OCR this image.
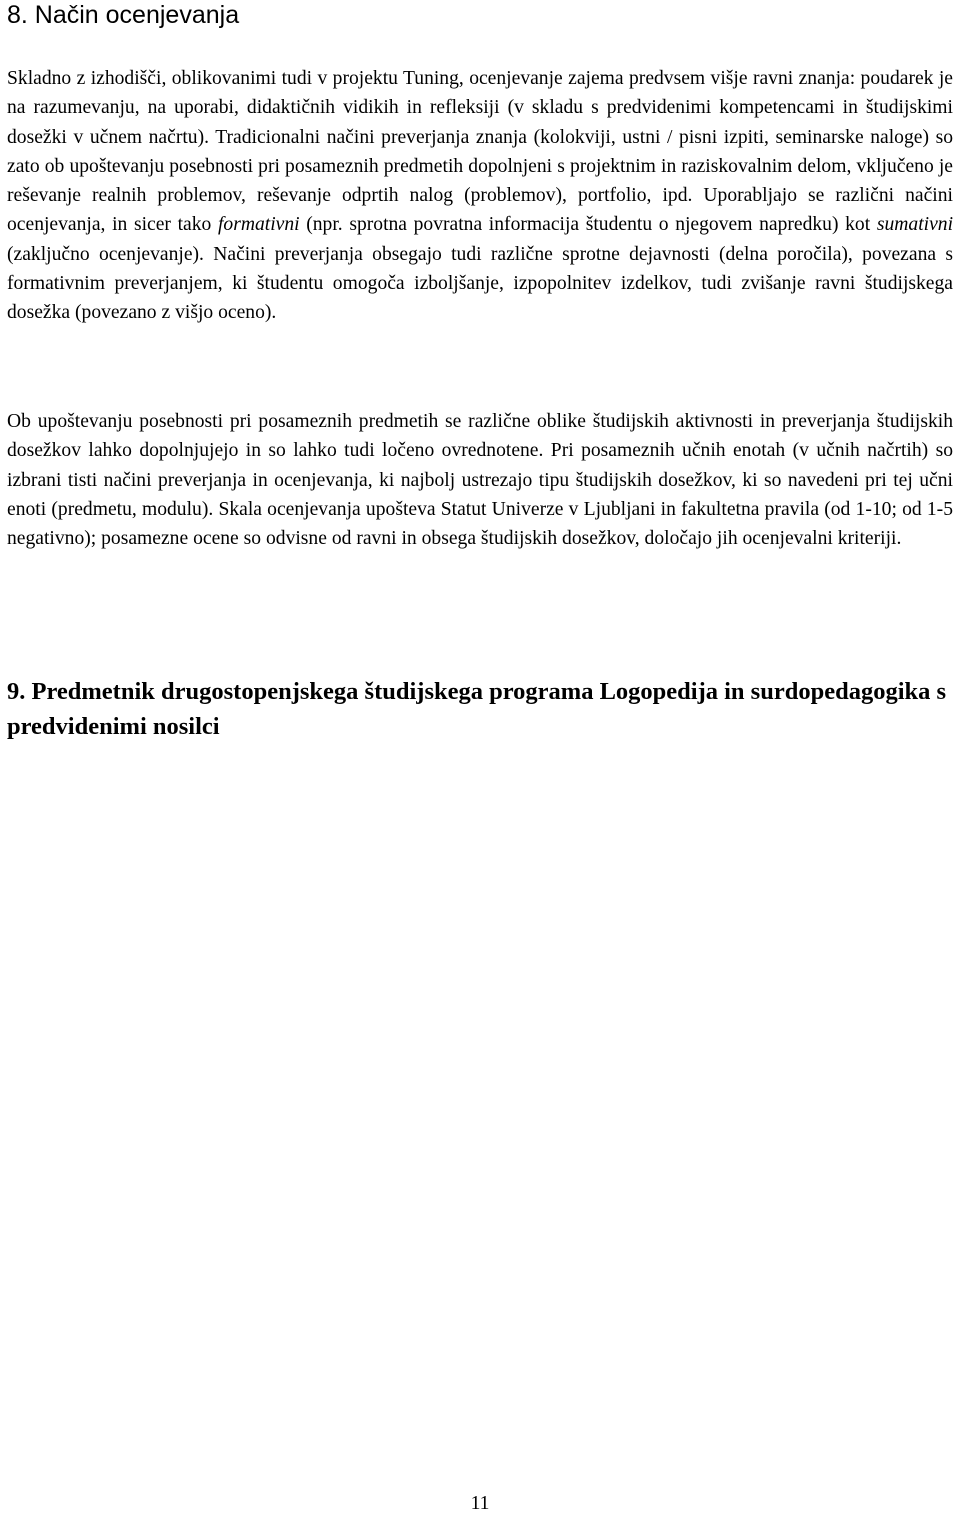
8. Način ocenjevanja

Skladno z izhodišči, oblikovanimi tudi v projektu Tuning, ocenjevanje zajema predvsem višje ravni znanja: poudarek je na razumevanju, na uporabi, didaktičnih vidikih in refleksiji (v skladu s predvidenimi kompetencami in študijskimi dosežki v učnem načrtu). Tradicionalni načini preverjanja znanja (kolokviji, ustni / pisni izpiti, seminarske naloge) so zato ob upoštevanju posebnosti pri posameznih predmetih dopolnjeni s projektnim in raziskovalnim delom, vključeno je reševanje realnih problemov, reševanje odprtih nalog (problemov), portfolio, ipd. Uporabljajo se različni načini ocenjevanja, in sicer tako formativni (npr. sprotna povratna informacija študentu o njegovem napredku) kot sumativni (zaključno ocenjevanje). Načini preverjanja obsegajo tudi različne sprotne dejavnosti (delna poročila), povezana s formativnim preverjanjem, ki študentu omogoča izboljšanje, izpopolnitev izdelkov, tudi zvišanje ravni študijskega dosežka (povezano z višjo oceno).

Ob upoštevanju posebnosti pri posameznih predmetih se različne oblike študijskih aktivnosti in preverjanja študijskih dosežkov lahko dopolnjujejo in so lahko tudi ločeno ovrednotene. Pri posameznih učnih enotah (v učnih načrtih) so izbrani tisti načini preverjanja in ocenjevanja, ki najbolj ustrezajo tipu študijskih dosežkov, ki so navedeni pri tej učni enoti (predmetu, modulu). Skala ocenjevanja upošteva Statut Univerze v Ljubljani in fakultetna pravila (od 1-10; od 1-5 negativno); posamezne ocene so odvisne od ravni in obsega študijskih dosežkov, določajo jih ocenjevalni kriteriji.

9. Predmetnik drugostopenjskega študijskega programa Logopedija in surdopedagogika s predvidenimi nosilci
11
